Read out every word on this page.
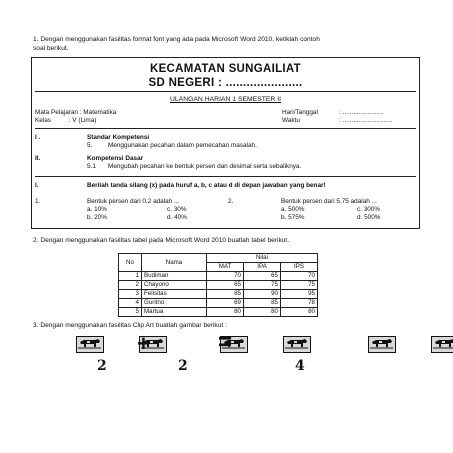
1. Dengan menggunakan fasilitas format font yang ada pada Microsoft Word 2010, ketiklah contoh
soal berikut.
KECAMATAN SUNGAILIAT
SD NEGERI : ......................
ULANGAN HARIAN 1 SEMESTER II
Mata Pelajaran : Matematika
Kelas          : V (Lima)
Hari/Tanggal	: .......................
Waktu	: ............................
I .	Standar Kompetensi
5. Menggunakan pecahan dalam pemecahan masalah.
II.	Kompetensi Dasar
5.1 Mengubah pecahan ke bentuk persen dan desimal serta sebaliknya.
I.	Berilah tanda silang (x) pada huruf a, b, c atau d di depan jawaban yang benar!
1.	Bentuk persen dari 0,2 adalah ...
a. 10%	c. 30%
b. 20%	d. 40%
2.	Bentuk persen dari 5,75 adalah ...
a. 500%	c. 300%
b. 575%	d. 500%
2. Dengan menggunakan fasilitas tabel pada Microsoft Word 2010 buatlah tabel berikut.
No	Nama	Nilai		
		MAT	IPA	IPS
1	Budiman	70	65	70
2	Chayono	65	75	75
3	Felisitas	85	90	95
4	Guritno	69	85	78
5	Martua	80	80	80
3. Dengan menggunakan fasilitas Clip Art buatlah gambar berikut :

+

	=

2	2	4
